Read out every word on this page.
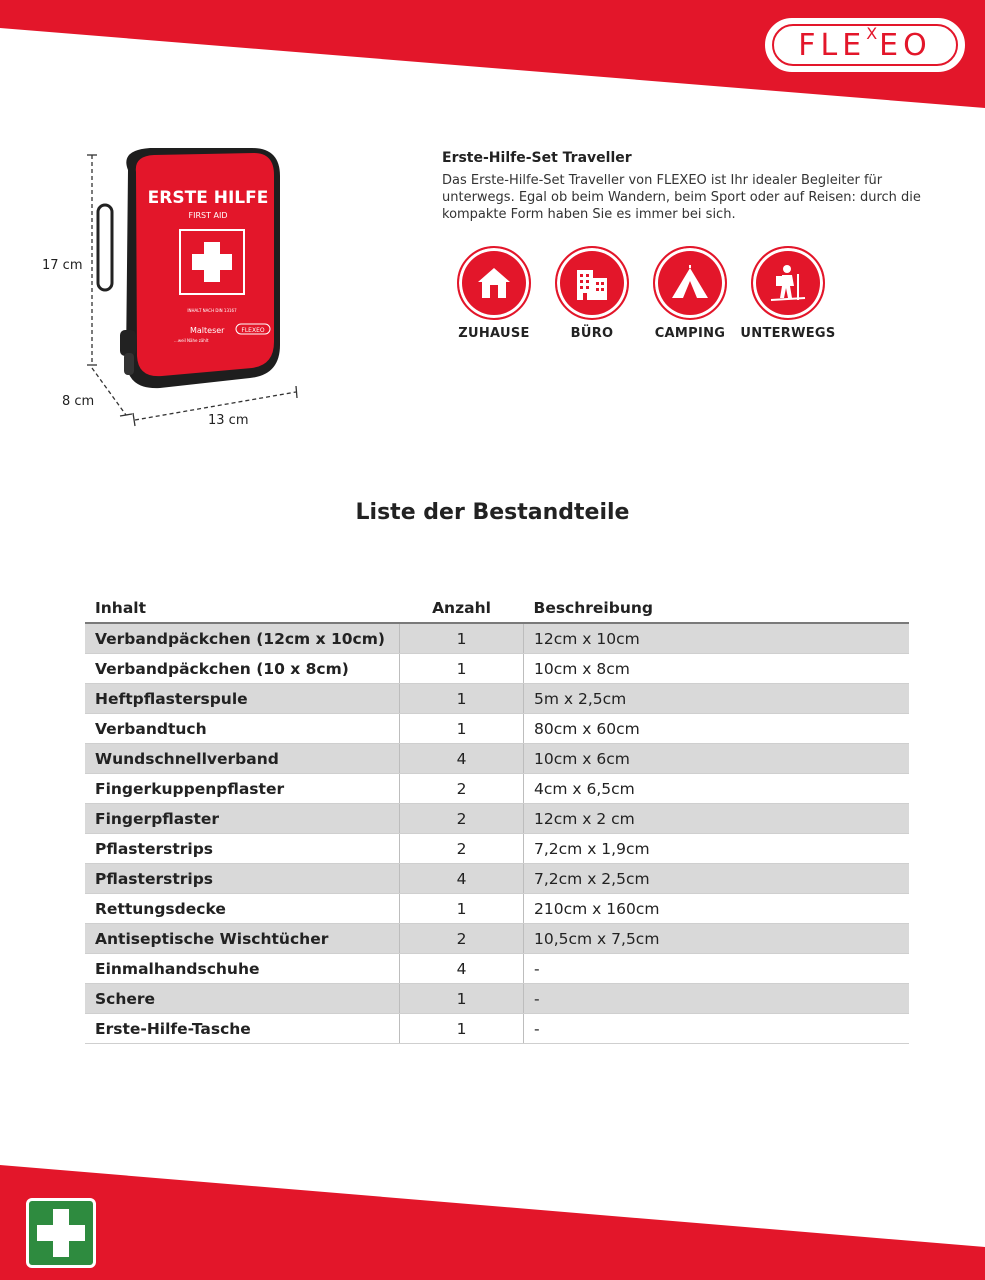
FLE X EO
ERSTE HILFE
FIRST AID
INHALT NACH DIN 13167
Malteser
...weil Nähe zählt
FLEXEO
17 cm
8 cm
13 cm

Erste-Hilfe-Set Traveller

Das Erste-Hilfe-Set Traveller von FLEXEO ist Ihr idealer Begleiter für unterwegs. Egal ob beim Wandern, beim Sport oder auf Reisen: durch die kompakte Form haben Sie es immer bei sich.

ZUHAUSE	BÜRO	CAMPING UNTERWEGS
Liste der Bestandteile
Inhalt	Anzahl	Beschreibung
Verbandpäckchen (12cm x 10cm)	1	12cm x 10cm
Verbandpäckchen (10 x 8cm)	1	10cm x 8cm
Heftpflasterspule	1	5m x 2,5cm
Verbandtuch	1	80cm x 60cm
Wundschnellverband	4	10cm x 6cm
Fingerkuppenpflaster	2	4cm x 6,5cm
Fingerpflaster	2	12cm x 2 cm
Pflasterstrips	2	7,2cm x 1,9cm
Pflasterstrips	4	7,2cm x 2,5cm
Rettungsdecke	1	210cm x 160cm
Antiseptische Wischtücher	2	10,5cm x 7,5cm
Einmalhandschuhe	4	-
Schere	1	-
Erste-Hilfe-Tasche	1	-
